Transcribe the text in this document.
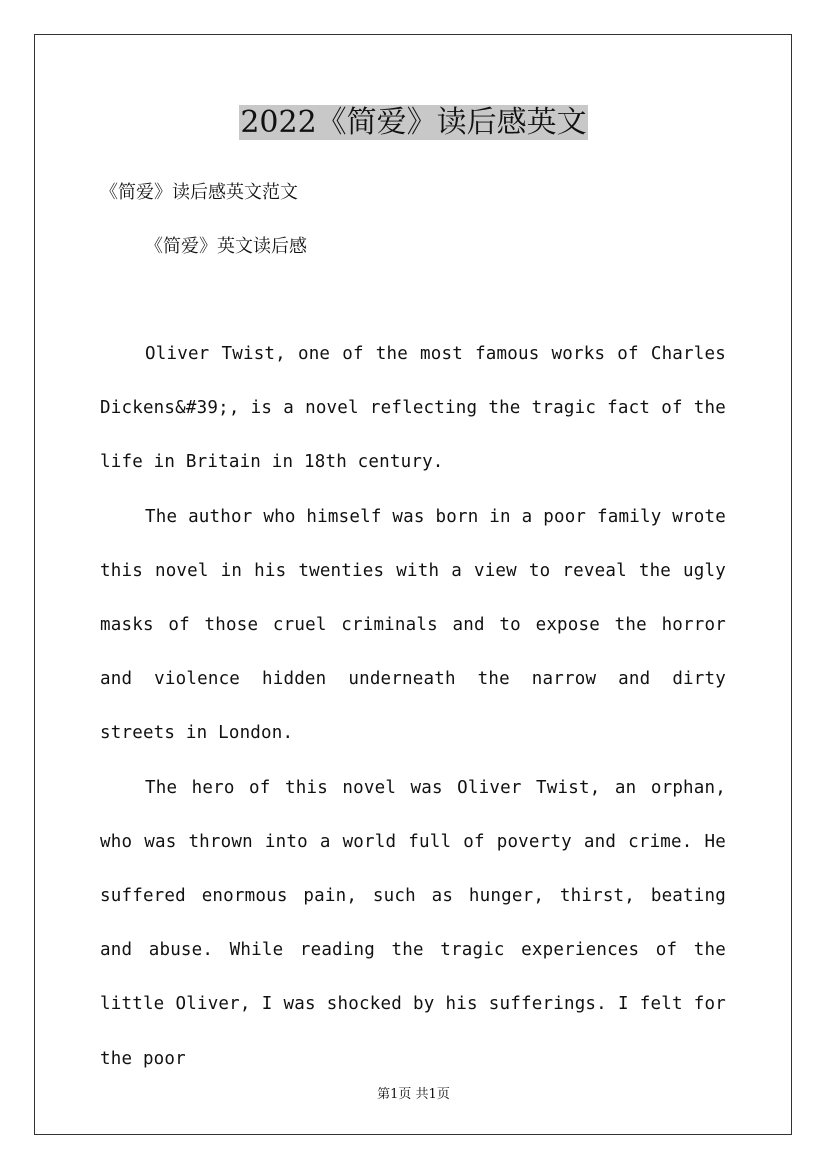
2022《简爱》读后感英文
《简爱》读后感英文范文
《简爱》英文读后感

Oliver Twist, one of the most famous works of Charles Dickens&#39;, is a novel reflecting the tragic fact of the life in Britain in 18th century.

The author who himself was born in a poor family wrote this novel in his twenties with a view to reveal the ugly masks of those cruel criminals and to expose the horror and violence hidden underneath the narrow and dirty streets in London.

The hero of this novel was Oliver Twist, an orphan, who was thrown into a world full of poverty and crime. He suffered enormous pain, such as hunger, thirst, beating and abuse. While reading the tragic experiences of the little Oliver, I was shocked by his sufferings. I felt for the poor

第1页 共1页
